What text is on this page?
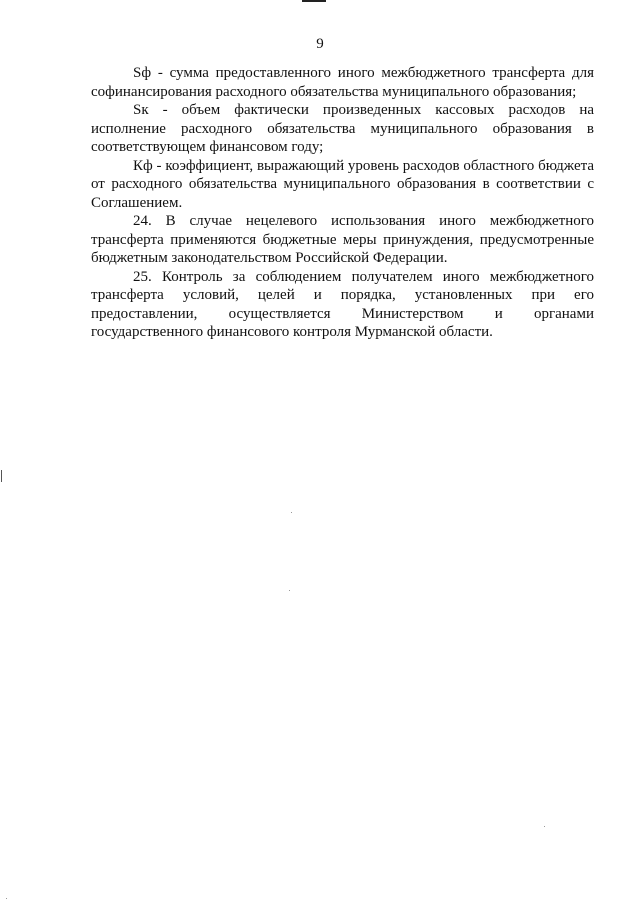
9

Sф - сумма предоставленного иного межбюджетного трансферта для софинансирования расходного обязательства муниципального образования;

Sк - объем фактически произведенных кассовых расходов на исполнение расходного обязательства муниципального образования в соответствующем финансовом году;

Кф - коэффициент, выражающий уровень расходов областного бюджета от расходного обязательства муниципального образования в соответствии с Соглашением.

24. В случае нецелевого использования иного межбюджетного трансферта применяются бюджетные меры принуждения, предусмотренные бюджетным законодательством Российской Федерации.

25. Контроль за соблюдением получателем иного межбюджетного трансферта условий, целей и порядка, установленных при его предоставлении, осуществляется Министерством и органами государственного финансового контроля Мурманской области.
